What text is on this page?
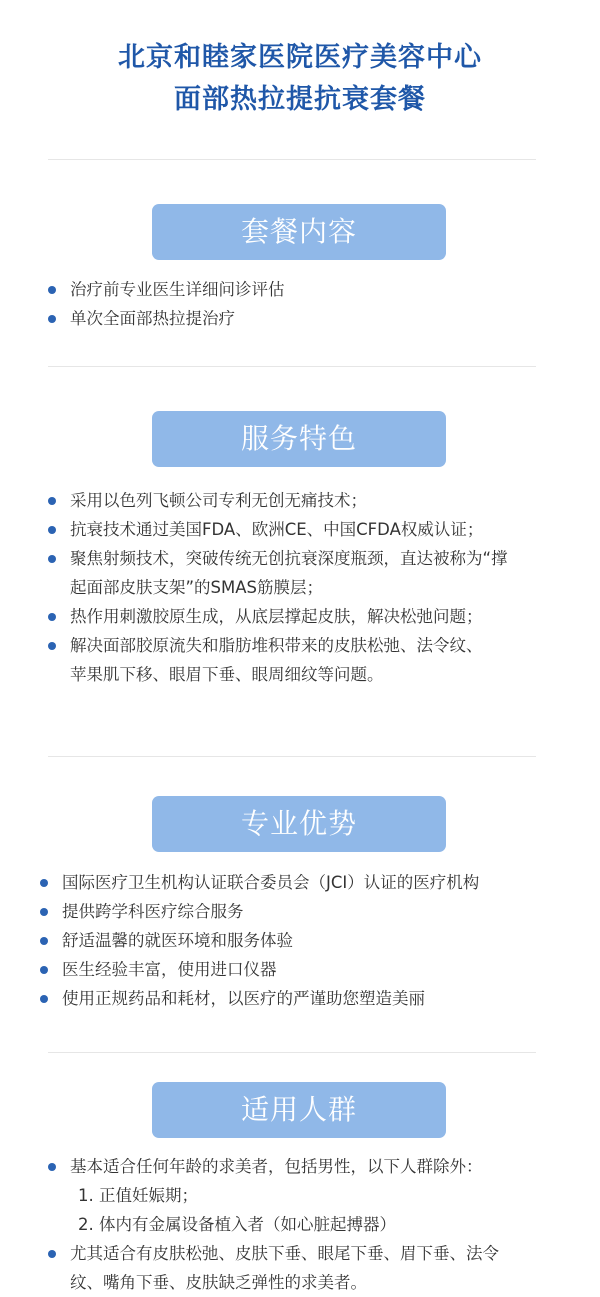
北京和睦家医院医疗美容中心
面部热拉提抗衰套餐
套餐内容
治疗前专业医生详细问诊评估
单次全面部热拉提治疗
服务特色
采用以色列飞顿公司专利无创无痛技术；
抗衰技术通过美国FDA、欧洲CE、中国CFDA权威认证；
聚焦射频技术，突破传统无创抗衰深度瓶颈，直达被称为“撑
起面部皮肤支架”的SMAS筋膜层；
热作用刺激胶原生成，从底层撑起皮肤，解决松弛问题；
解决面部胶原流失和脂肪堆积带来的皮肤松弛、法令纹、
苹果肌下移、眼眉下垂、眼周细纹等问题。
专业优势
国际医疗卫生机构认证联合委员会（JCI）认证的医疗机构
提供跨学科医疗综合服务
舒适温馨的就医环境和服务体验
医生经验丰富，使用进口仪器
使用正规药品和耗材，以医疗的严谨助您塑造美丽
适用人群
基本适合任何年龄的求美者，包括男性，以下人群除外：
1. 正值妊娠期；
2. 体内有金属设备植入者（如心脏起搏器）
尤其适合有皮肤松弛、皮肤下垂、眼尾下垂、眉下垂、法令
纹、嘴角下垂、皮肤缺乏弹性的求美者。
